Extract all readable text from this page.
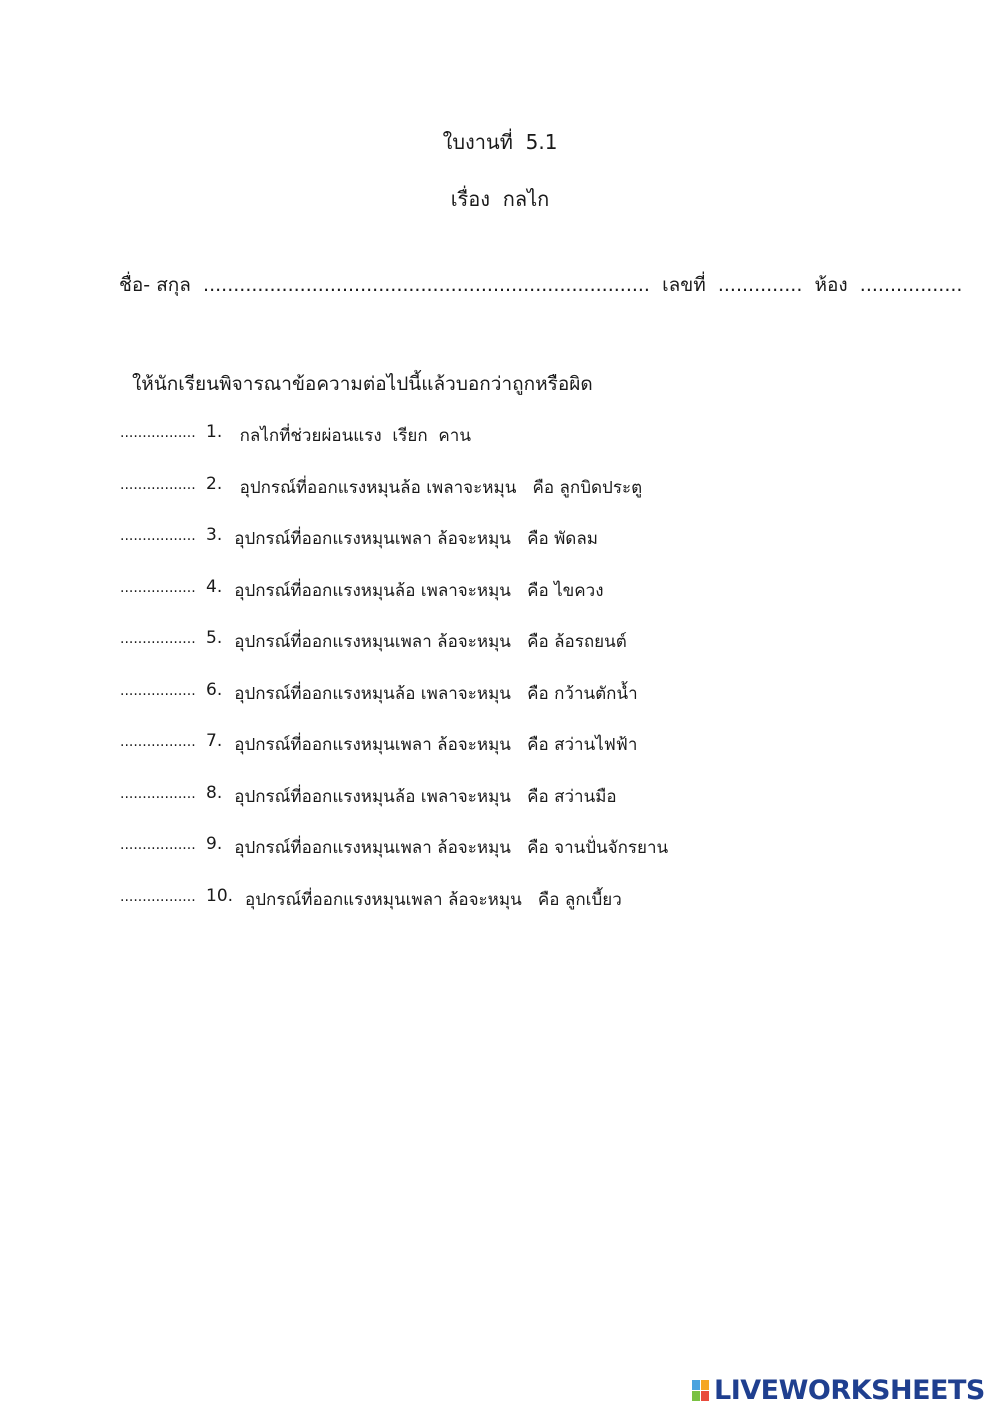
ใบงานที่  5.1
เรื่อง  กลไก
ชื่อ- สกุล .......................................................................... เลขที่ .............. ห้อง .................
ให้นักเรียนพิจารณาข้อความต่อไปนี้แล้วบอกว่าถูกหรือผิด
................. 1. กลไกที่ช่วยผ่อนแรง  เรียก  คาน
................. 2. อุปกรณ์ที่ออกแรงหมุนล้อ เพลาจะหมุน   คือ ลูกบิดประตู
................. 3. อุปกรณ์ที่ออกแรงหมุนเพลา ล้อจะหมุน   คือ พัดลม
................. 4. อุปกรณ์ที่ออกแรงหมุนล้อ เพลาจะหมุน   คือ ไขควง
................. 5. อุปกรณ์ที่ออกแรงหมุนเพลา ล้อจะหมุน   คือ ล้อรถยนต์
................. 6. อุปกรณ์ที่ออกแรงหมุนล้อ เพลาจะหมุน   คือ กว้านตักน้ำ
................. 7. อุปกรณ์ที่ออกแรงหมุนเพลา ล้อจะหมุน   คือ สว่านไฟฟ้า
................. 8. อุปกรณ์ที่ออกแรงหมุนล้อ เพลาจะหมุน   คือ สว่านมือ
................. 9. อุปกรณ์ที่ออกแรงหมุนเพลา ล้อจะหมุน   คือ จานปั่นจักรยาน
................. 10. อุปกรณ์ที่ออกแรงหมุนเพลา ล้อจะหมุน   คือ ลูกเบี้ยว
LIVEWORKSHEETS
